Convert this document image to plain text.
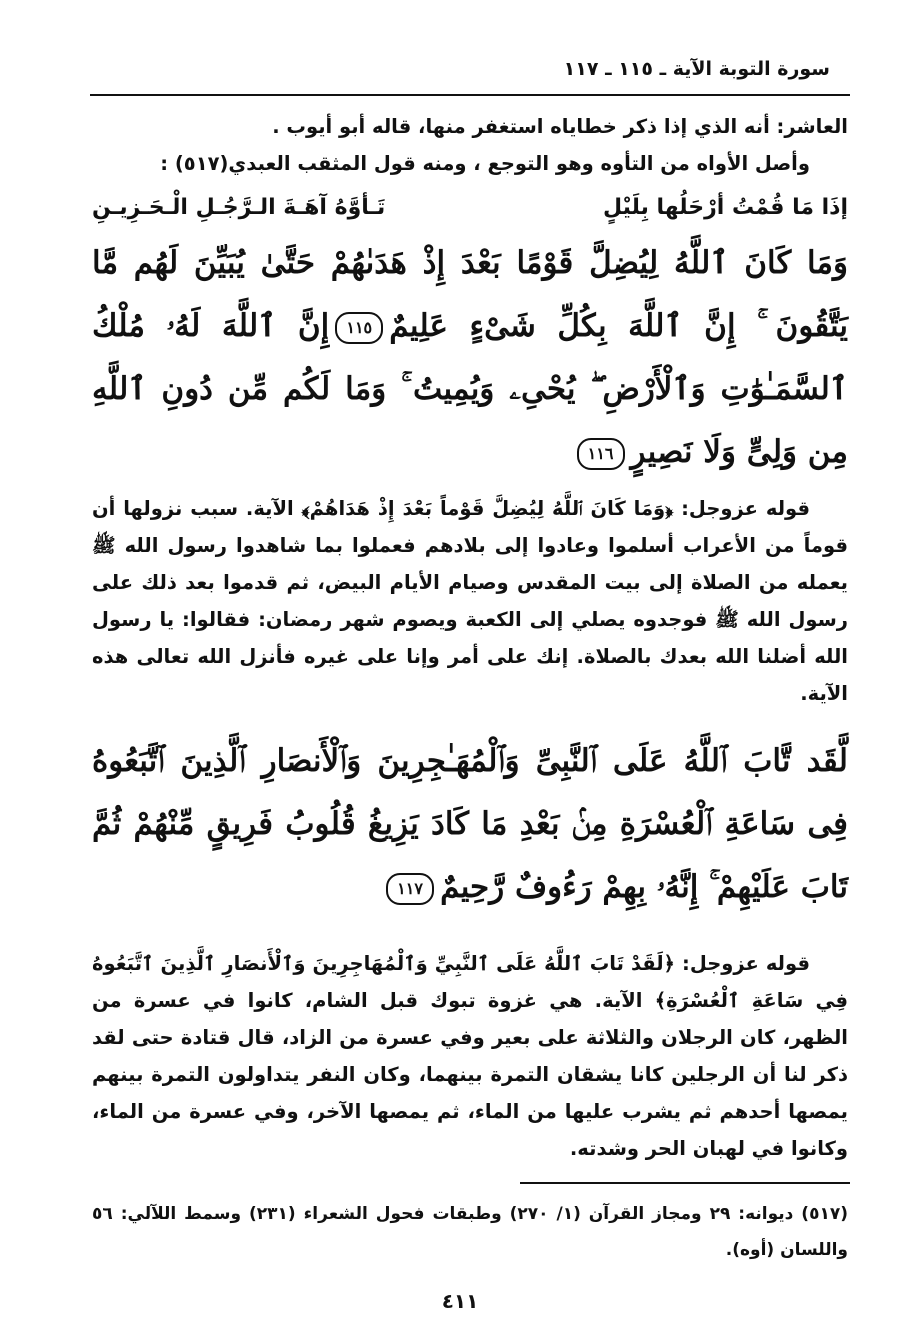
سورة التوبة الآية ـ ١١٥ ـ ١١٧

العاشر: أنه الذي إذا ذكر خطاياه استغفر منها، قاله أبو أيوب .

وأصل الأواه من التأوه وهو التوجع ، ومنه قول المثقب العبدي(٥١٧) :

إذَا مَا قُمْتُ أرْحَلُها بِلَيْلٍ
تَـأوَّهُ آهَـةَ الـرَّجُـلِ الْـحَـزِيـنِ

وَمَا كَانَ ٱللَّهُ لِيُضِلَّ قَوْمًا بَعْدَ إِذْ هَدَىٰهُمْ حَتَّىٰ يُبَيِّنَ لَهُم مَّا يَتَّقُونَ ۚ إِنَّ ٱللَّهَ بِكُلِّ شَىْءٍ عَلِيمٌ١١٥إِنَّ ٱللَّهَ لَهُۥ مُلْكُ ٱلسَّمَـٰوَٰتِ وَٱلْأَرْضِ ۖ يُحْىِۦ وَيُمِيتُ ۚ وَمَا لَكُم مِّن دُونِ ٱللَّهِ مِن وَلِىٍّ وَلَا نَصِيرٍ١١٦

قوله عزوجل: ﴿وَمَا كَانَ ٱللَّهُ لِيُضِلَّ قَوْماً بَعْدَ إِذْ هَدَاهُمْ﴾ الآية. سبب نزولها أن قوماً من الأعراب أسلموا وعادوا إلى بلادهم فعملوا بما شاهدوا رسول الله ﷺ يعمله من الصلاة إلى بيت المقدس وصيام الأيام البيض، ثم قدموا بعد ذلك على رسول الله ﷺ فوجدوه يصلي إلى الكعبة ويصوم شهر رمضان: فقالوا: يا رسول الله أضلنا الله بعدك بالصلاة. إنك على أمر وإنا على غيره فأنزل الله تعالى هذه الآية.

لَّقَد تَّابَ ٱللَّهُ عَلَى ٱلنَّبِىِّ وَٱلْمُهَـٰجِرِينَ وَٱلْأَنصَارِ ٱلَّذِينَ ٱتَّبَعُوهُ فِى سَاعَةِ ٱلْعُسْرَةِ مِنۢ بَعْدِ مَا كَادَ يَزِيغُ قُلُوبُ فَرِيقٍ مِّنْهُمْ ثُمَّ تَابَ عَلَيْهِمْ ۚ إِنَّهُۥ بِهِمْ رَءُوفٌ رَّحِيمٌ١١٧

قوله عزوجل: ﴿لَقَدْ تَابَ ٱللَّهُ عَلَى ٱلنَّبِيِّ وَٱلْمُهَاجِرِينَ وَٱلْأَنصَارِ ٱلَّذِينَ ٱتَّبَعُوهُ فِي سَاعَةِ ٱلْعُسْرَةِ﴾ الآية. هي غزوة تبوك قبل الشام، كانوا في عسرة من الظهر، كان الرجلان والثلاثة على بعير وفي عسرة من الزاد، قال قتادة حتى لقد ذكر لنا أن الرجلين كانا يشقان التمرة بينهما، وكان النفر يتداولون التمرة بينهم يمصها أحدهم ثم يشرب عليها من الماء، ثم يمصها الآخر، وفي عسرة من الماء، وكانوا في لهبان الحر وشدته.

(٥١٧) ديوانه: ٢٩ ومجاز القرآن (١/ ٢٧٠) وطبقات فحول الشعراء (٢٣١) وسمط اللآلي: ٥٦ واللسان (أوه).
٤١١
